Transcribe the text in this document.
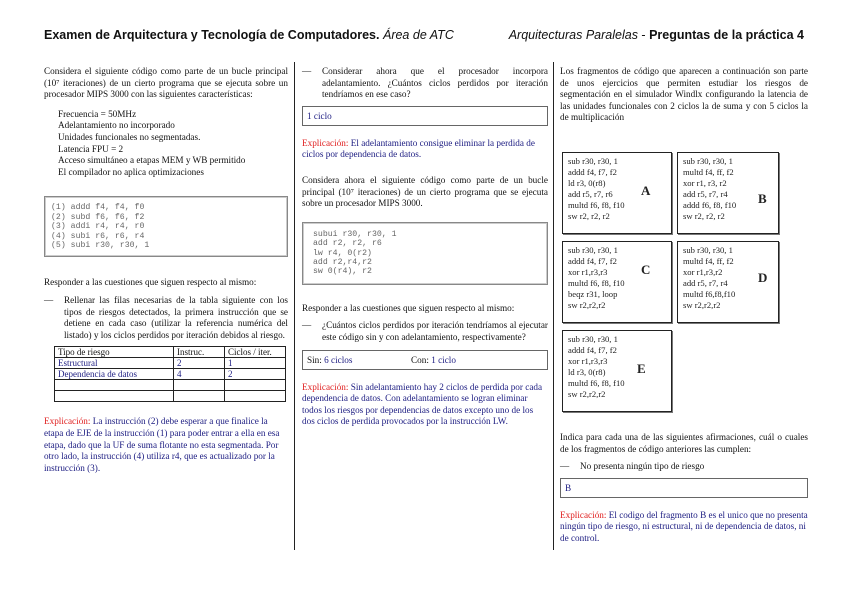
Examen de Arquitectura y Tecnología de Computadores. Área de ATC	Arquitecturas Paralelas - Preguntas de la práctica 4

Considera el siguiente código como parte de un bucle principal (10⁷ iteraciones) de un cierto programa que se ejecuta sobre un procesador MIPS 3000 con las siguientes características:

Frecuencia = 50MHz

Adelantamiento no incorporado

Unidades funcionales no segmentadas.

Latencia FPU = 2

Acceso simultáneo a etapas MEM y WB permitido

El compilador no aplica optimizaciones

(1) addd f4, f4, f0
(2) subd f6, f6, f2
(3) addi r4, r4, r0
(4) subi r6, r6, r4
(5) subi r30, r30, 1

Responder a las cuestiones que siguen respecto al mismo:

— Rellenar las filas necesarias de la tabla siguiente con los tipos de riesgos detectados, la primera instrucción que se detiene en cada caso (utilizar la referencia numérica del listado) y los ciclos perdidos por iteración debidos al riesgo.
Tipo de riesgo	Instruc.	Ciclos / iter.
Estructural	2	1
Dependencia de datos	4	2

Explicación: La instrucción (2) debe esperar a que finalice la etapa de EJE de la instrucción (1) para poder entrar a ella en esa etapa, dado que la UF de suma flotante no esta segmentada. Por otro lado, la instrucción (4) utiliza r4, que es actualizado por la instrucción (3).

— Considerar ahora que el procesador incorpora adelantamiento. ¿Cuántos ciclos perdidos por iteración tendríamos en ese caso?
1 ciclo

Explicación: El adelantamiento consigue eliminar la perdida de ciclos por dependencia de datos.

Considera ahora el siguiente código como parte de un bucle principal (10⁷ iteraciones) de un cierto programa que se ejecuta sobre un procesador MIPS 3000.

subui r30, r30, 1
add r2, r2, r6
lw r4, 0(r2)
add r2,r4,r2
sw 0(r4), r2

Responder a las cuestiones que siguen respecto al mismo:

— ¿Cuántos ciclos perdidos por iteración tendríamos al ejecutar este código sin y con adelantamiento, respectivamente?
Sin: 6 ciclos	Con: 1 ciclo

Explicación: Sin adelantamiento hay 2 ciclos de perdida por cada dependencia de datos. Con adelantamiento se logran eliminar todos los riesgos por dependencias de datos excepto uno de los dos ciclos de perdida provocados por la instrucción LW.

Los fragmentos de código que aparecen a continuación son parte de unos ejercicios que permiten estudiar los riesgos de segmentación en el simulador Windlx configurando la latencia de las unidades funcionales con 2 ciclos la de suma y con 5 ciclos la de multiplicación

sub r30, r30, 1
addd f4, f7, f2
ld r3, 0(r8)
add r5, r7, r6
multd f6, f8, f10
sw r2, r2, r2
A
sub r30, r30, 1
multd f4, ff, f2
xor r1, r3, r2
add r5, r7, r4
addd f6, f8, f10
sw r2, r2, r2
B
sub r30, r30, 1
addd f4, f7, f2
xor r1,r3,r3
multd f6, f8, f10
beqz r31, loop
sw r2,r2,r2
C
sub r30, r30, 1
multd f4, ff, f2
xor r1,r3,r2
add r5, r7, r4
multd f6,f8,f10
sw r2,r2,r2
D
sub r30, r30, 1
addd f4, f7, f2
xor r1,r3,r3
ld r3, 0(r8)
multd f6, f8, f10
sw r2,r2,r2
E

Indica para cada una de las siguientes afirmaciones, cuál o cuales de los fragmentos de código anteriores las cumplen:

— No presenta ningún tipo de riesgo
B

Explicación: El codigo del fragmento B es el unico que no presenta ningún tipo de riesgo, ni estructural, ni de dependencia de datos, ni de control.
